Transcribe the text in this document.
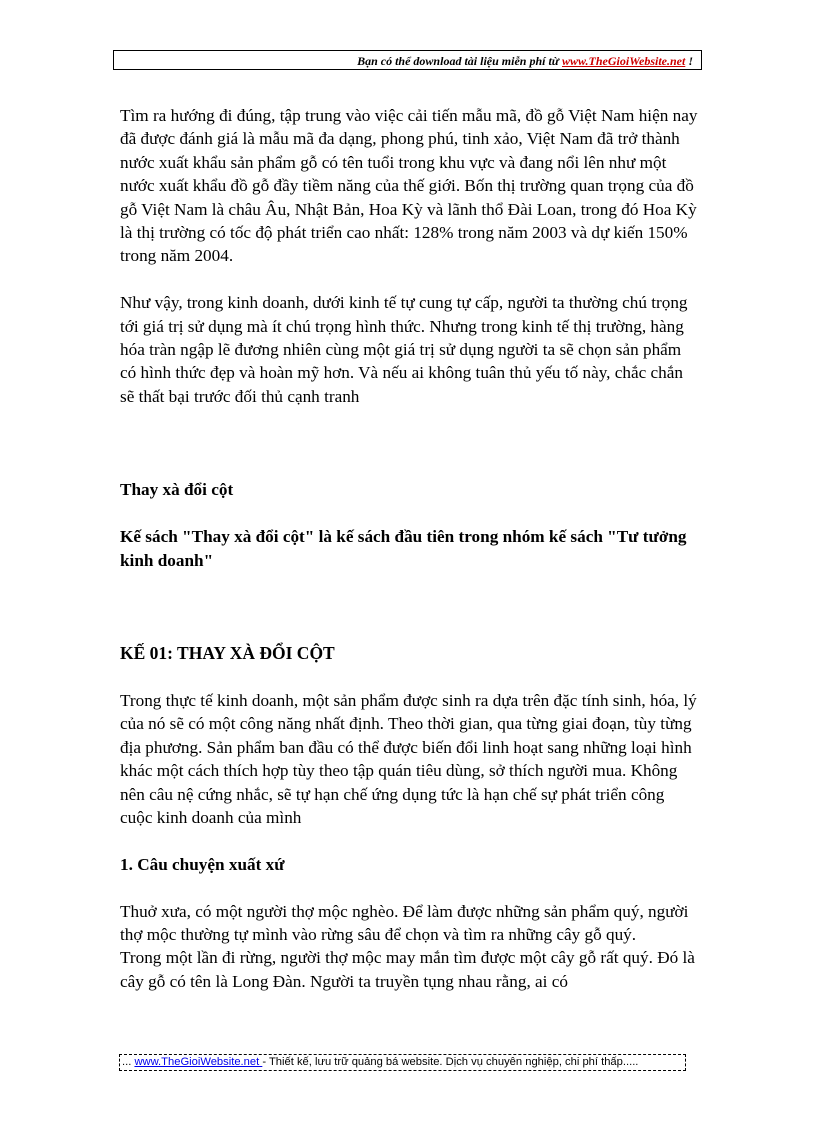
Bạn có thể download tài liệu miễn phí từ www.TheGioiWebsite.net !

Tìm ra hướng đi đúng, tập trung vào việc cải tiến mẫu mã, đồ gỗ Việt Nam hiện nay đã được đánh giá là mẫu mã đa dạng, phong phú, tinh xảo, Việt Nam đã trở thành nước xuất khẩu sản phẩm gỗ có tên tuổi trong khu vực và đang nổi lên như một nước xuất khẩu đồ gỗ đầy tiềm năng của thế giới. Bốn thị trường quan trọng của đồ gỗ Việt Nam là châu Âu, Nhật Bản, Hoa Kỳ và lãnh thổ Đài Loan, trong đó Hoa Kỳ là thị trường có tốc độ phát triển cao nhất: 128% trong năm 2003 và dự kiến 150% trong năm 2004.

Như vậy, trong kinh doanh, dưới kinh tế tự cung tự cấp, người ta thường chú trọng tới giá trị sử dụng mà ít chú trọng hình thức. Nhưng trong kinh tế thị trường, hàng hóa tràn ngập lẽ đương nhiên cùng một giá trị sử dụng người ta sẽ chọn sản phẩm có hình thức đẹp và hoàn mỹ hơn. Và nếu ai không tuân thủ yếu tố này, chắc chắn sẽ thất bại trước đối thủ cạnh tranh

Thay xà đổi cột

Kế sách "Thay xà đổi cột" là kế sách đầu tiên trong nhóm kế sách "Tư tưởng kinh doanh"

KẾ 01: THAY XÀ ĐỔI CỘT

Trong thực tế kinh doanh, một sản phẩm được sinh ra dựa trên đặc tính sinh, hóa, lý của nó sẽ có một công năng nhất định. Theo thời gian, qua từng giai đoạn, tùy từng địa phương. Sản phẩm ban đầu có thể được biến đổi linh hoạt sang những loại hình khác một cách thích hợp tùy theo tập quán tiêu dùng, sở thích người mua. Không nên câu nệ cứng nhắc, sẽ tự hạn chế ứng dụng tức là hạn chế sự phát triển công cuộc kinh doanh của mình

1. Câu chuyện xuất xứ

Thuở xưa, có một người thợ mộc nghèo. Để làm được những sản phẩm quý, người thợ mộc thường tự mình vào rừng sâu để chọn và tìm ra những cây gỗ quý.

Trong một lần đi rừng, người thợ mộc may mắn tìm được một cây gỗ rất quý. Đó là cây gỗ có tên là Long Đàn. Người ta truyền tụng nhau rằng, ai có

... www.TheGioiWebsite.net - Thiết kế, lưu trữ quảng bá website. Dịch vụ chuyên nghiệp, chi phí thấp.....
